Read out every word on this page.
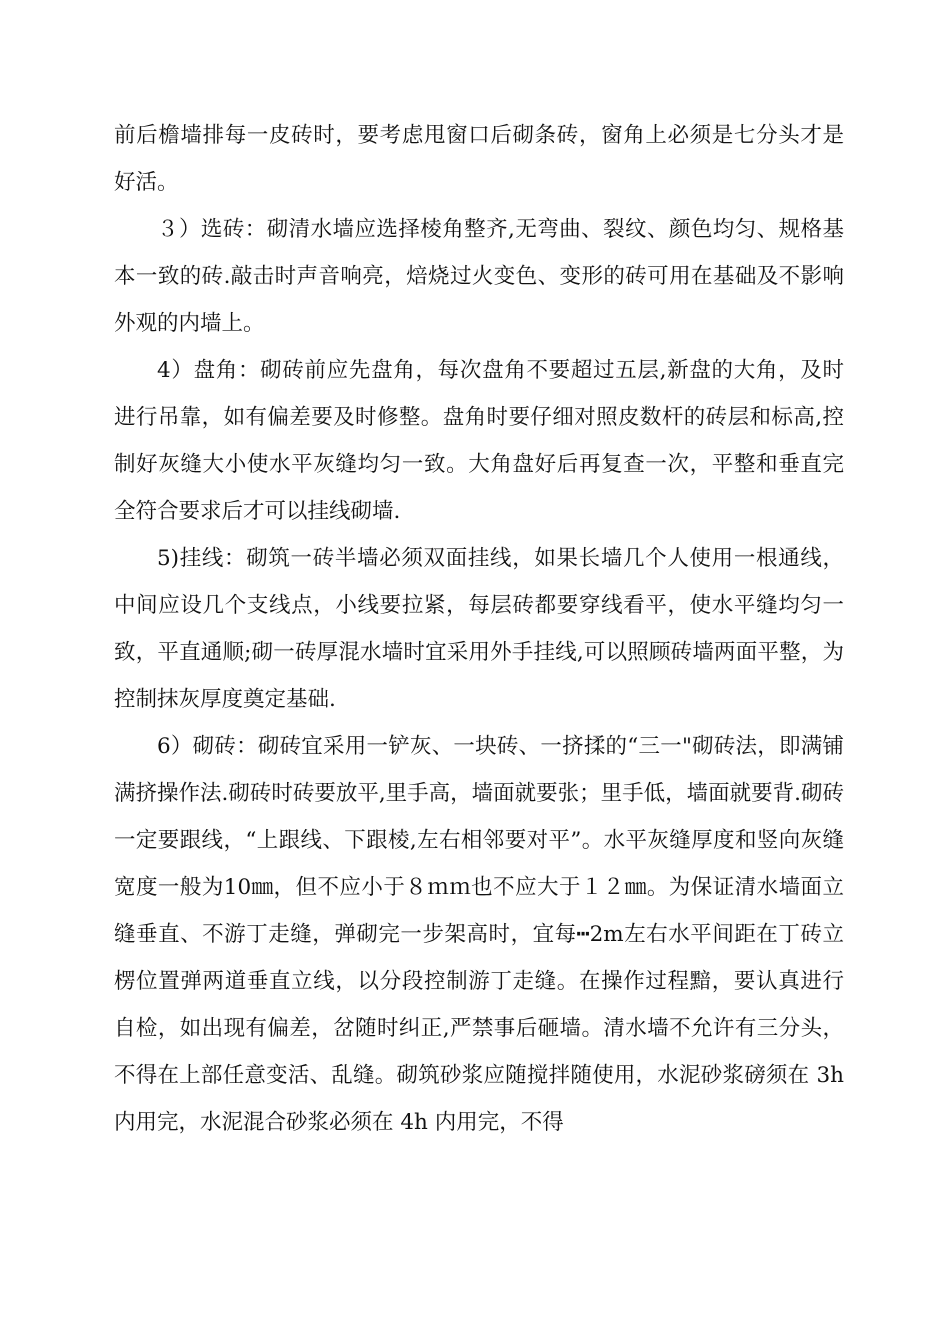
前后檐墙排每一皮砖时，要考虑甩窗口后砌条砖，窗角上必须是七分头才是好活。

３）选砖：砌清水墙应选择棱角整齐,无弯曲、裂纹、颜色均匀、规格基本一致的砖.敲击时声音响亮，焙烧过火变色、变形的砖可用在基础及不影响外观的内墙上。

4）盘角：砌砖前应先盘角，每次盘角不要超过五层,新盘的大角，及时进行吊靠，如有偏差要及时修整。盘角时要仔细对照皮数杆的砖层和标高,控制好灰缝大小使水平灰缝均匀一致。大角盘好后再复查一次，平整和垂直完全符合要求后才可以挂线砌墙.

5)挂线：砌筑一砖半墙必须双面挂线，如果长墙几个人使用一根通线，中间应设几个支线点，小线要拉紧，每层砖都要穿线看平，使水平缝均匀一致，平直通顺;砌一砖厚混水墙时宜采用外手挂线,可以照顾砖墙两面平整，为控制抹灰厚度奠定基础.

6）砌砖：砌砖宜采用一铲灰、一块砖、一挤揉的“三一"砌砖法，即满铺满挤操作法.砌砖时砖要放平,里手高，墙面就要张；里手低，墙面就要背.砌砖一定要跟线，“上跟线、下跟棱,左右相邻要对平”。水平灰缝厚度和竖向灰缝宽度一般为10㎜，但不应小于８ｍｍ也不应大于１２㎜。为保证清水墙面立缝垂直、不游丁走缝，弹砌完一步架高时，宜每┅2m左右水平间距在丁砖立楞位置弹两道垂直立线，以分段控制游丁走缝。在操作过程黯，要认真进行自检，如出现有偏差，岔随时纠正,严禁事后砸墙。清水墙不允许有三分头，不得在上部任意变活、乱缝。砌筑砂浆应随搅拌随使用，水泥砂浆磅须在 3h 内用完，水泥混合砂浆必须在 4h 内用完，不得
